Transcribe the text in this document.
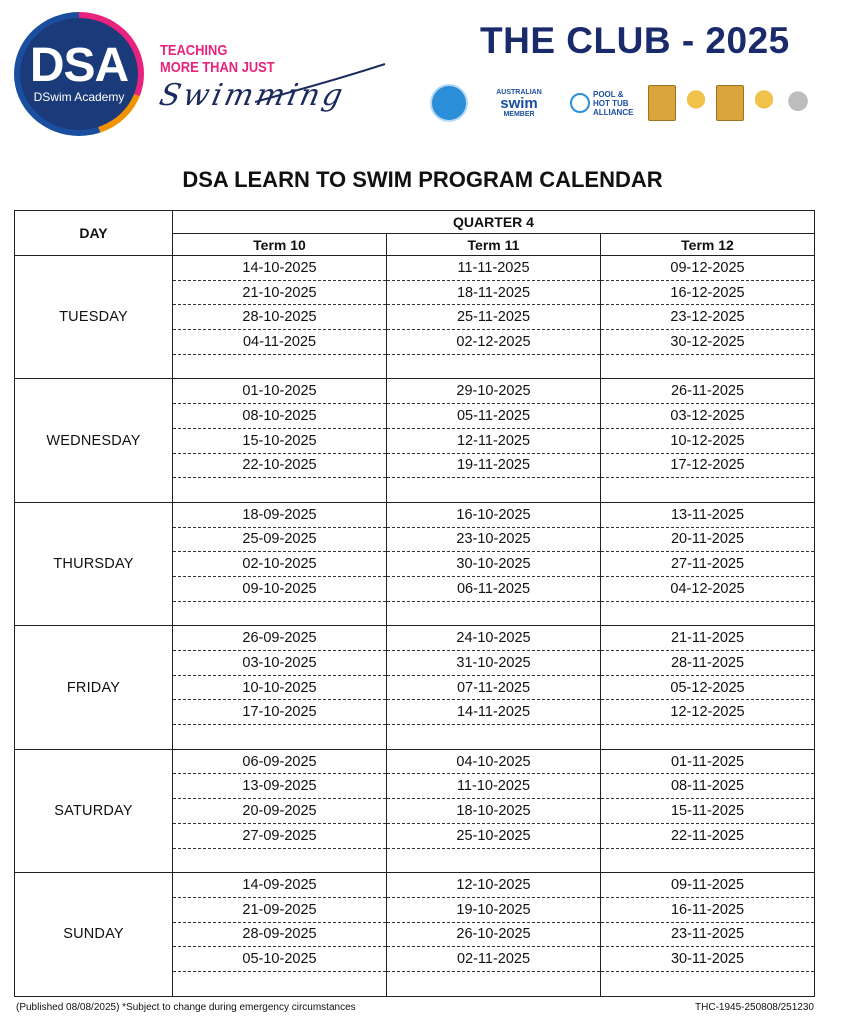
DSA
DSwim Academy
TEACHING
MORE THAN JUST
Swimming
THE CLUB - 2025
AUSTRALIAN
swim
MEMBER
POOL &
HOT TUB
ALLIANCE
DSA LEARN TO SWIM PROGRAM CALENDAR
DAY	QUARTER 4		
	Term 10	Term 11	Term 12
TUESDAY	14-10-2025	11-11-2025	09-12-2025
	21-10-2025	18-11-2025	16-12-2025
	28-10-2025	25-11-2025	23-12-2025
	04-11-2025	02-12-2025	30-12-2025

WEDNESDAY	01-10-2025	29-10-2025	26-11-2025
	08-10-2025	05-11-2025	03-12-2025
	15-10-2025	12-11-2025	10-12-2025
	22-10-2025	19-11-2025	17-12-2025

THURSDAY	18-09-2025	16-10-2025	13-11-2025
	25-09-2025	23-10-2025	20-11-2025
	02-10-2025	30-10-2025	27-11-2025
	09-10-2025	06-11-2025	04-12-2025

FRIDAY	26-09-2025	24-10-2025	21-11-2025
	03-10-2025	31-10-2025	28-11-2025
	10-10-2025	07-11-2025	05-12-2025
	17-10-2025	14-11-2025	12-12-2025

SATURDAY	06-09-2025	04-10-2025	01-11-2025
	13-09-2025	11-10-2025	08-11-2025
	20-09-2025	18-10-2025	15-11-2025
	27-09-2025	25-10-2025	22-11-2025

SUNDAY	14-09-2025	12-10-2025	09-11-2025
	21-09-2025	19-10-2025	16-11-2025
	28-09-2025	26-10-2025	23-11-2025
	05-10-2025	02-11-2025	30-11-2025

(Published 08/08/2025) *Subject to change during emergency circumstances	THC-1945-250808/251230
